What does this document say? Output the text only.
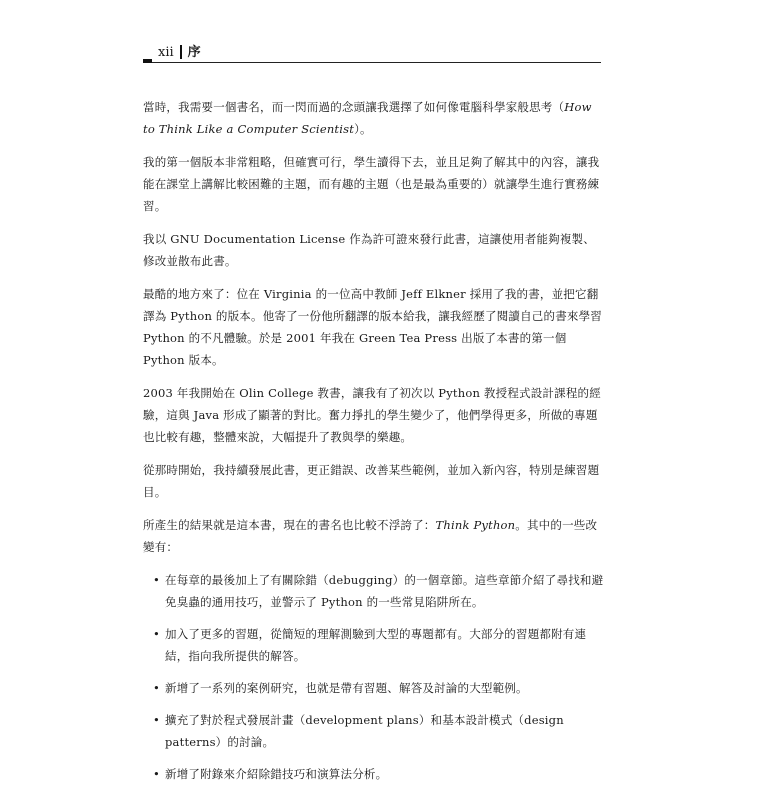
xii 序

當時，我需要一個書名，而一閃而過的念頭讓我選擇了如何像電腦科學家般思考（How to Think Like a Computer Scientist）。

我的第一個版本非常粗略，但確實可行，學生讀得下去，並且足夠了解其中的內容，讓我能在課堂上講解比較困難的主題，而有趣的主題（也是最為重要的）就讓學生進行實務練習。

我以 GNU Documentation License 作為許可證來發行此書，這讓使用者能夠複製、修改並散布此書。

最酷的地方來了：位在 Virginia 的一位高中教師 Jeff Elkner 採用了我的書，並把它翻譯為 Python 的版本。他寄了一份他所翻譯的版本給我，讓我經歷了閱讀自己的書來學習 Python 的不凡體驗。於是 2001 年我在 Green Tea Press 出版了本書的第一個 Python 版本。

2003 年我開始在 Olin College 教書，讓我有了初次以 Python 教授程式設計課程的經驗，這與 Java 形成了顯著的對比。奮力掙扎的學生變少了，他們學得更多，所做的專題也比較有趣，整體來說，大幅提升了教與學的樂趣。

從那時開始，我持續發展此書，更正錯誤、改善某些範例，並加入新內容，特別是練習題目。

所產生的結果就是這本書，現在的書名也比較不浮誇了：Think Python。其中的一些改變有：

• 在每章的最後加上了有關除錯（debugging）的一個章節。這些章節介紹了尋找和避免臭蟲的通用技巧，並警示了 Python 的一些常見陷阱所在。
• 加入了更多的習題，從簡短的理解測驗到大型的專題都有。大部分的習題都附有連結，指向我所提供的解答。
• 新增了一系列的案例研究，也就是帶有習題、解答及討論的大型範例。
• 擴充了對於程式發展計畫（development plans）和基本設計模式（design patterns）的討論。
• 新增了附錄來介紹除錯技巧和演算法分析。
